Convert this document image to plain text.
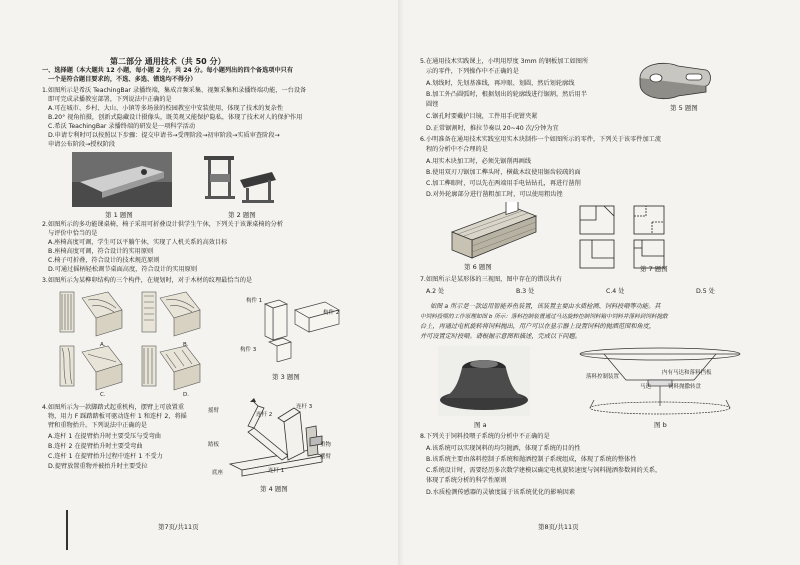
第二部分 通用技术（共 50 分）
一、选择题（本大题共 12 小题，每小题 2 分，共 24 分。每小题列出的四个备选项中只有
一个是符合题目要求的，不选、多选、错选均不得分）
1.如图所示是希沃 TeachingBar 录播终端，集成音频采集、视频采集和录播终端功能，一台设备
即可完成录播教室部署，下列说法中正确的是
A.可在城市、乡村、大山、小镇等多场景的校园教室中安装使用，体现了技术的复杂性
B.20° 视角拍摄，创新式隐藏设计摄像头，既美观又能保护隐私，体现了技术对人的保护作用
C.希沃 TeachingBar 录播终端的研发是一项科学活动
D.申请专利时可以按照以下步骤：提交申请书→受理阶段→初审阶段→实质审查阶段→
申请公布阶段→授权阶段
第 1 题图	第 2 题图
2.如图所示的多功能课桌椅，椅子采用可折叠设计供学生午休，下列关于该课桌椅的分析
与评价中恰当的是
A.座椅高度可调，学生可以平躺午休，实现了人机关系的高效目标
B.座椅高度可调，符合设计的实用原则
C.椅子可折叠，符合设计的技术规范原则
D.可通过摇柄轻松调节桌面高度，符合设计的实用原则
3.如图所示为某榫卯结构的三个构件，在规划时，对于木材的纹理最恰当的是
A.	B.
C.	D.
构件 1
构件 2
构件 3
第 3 题图
4.如图所示为一款脚踏式起重机构，摆臂上可放置重
物，用力 F 踩踏踏板可驱动连杆 1 和连杆 2，将摇
臂和重物抬升。下列说法中正确的是
A.连杆 1 在提臂抬升时主要受压与受弯曲
B.连杆 2 在提臂抬升时主要受弯曲
C.连杆 1 在提臂抬升过程中连杆 1 不受力
D.提臂放置重物并被抬升时主要受拉
摇臂
连杆 2
连杆 3
踏板
底座	连杆 1
重物
摆臂
第 4 题图
第7页/共11页
5.在通用技术实践课上，小明用厚度 3mm 的钢板加工如图所
示的零件，下列操作中不正确的是
A.划线时，先划基准线，再冲眼、划圆，然后划轮廓线
B.加工外凸圆弧时，根据划出的轮廓线进行锯割，然后用半
圆锉
C.锯孔时要戴护目镜，工件用手虎钳夹紧
D.正常锯割时，推拉节奏以 20~40 次/分钟为宜
第 5 题图
6.小明准备在通用技术实践室用实木块制作一个如图所示的零件，下列关于该零件加工流
程的分析中不合理的是
A.用实木块加工时，必须先锯削再画线
B.使用双刃刀锯加工榫头时，横截木纹使用锯齿较疏的面
C.加工榫眼时，可以先在两端用手电钻钻孔，再进行凿削
D.对外轮廓部分进行凿粗加工时，可以使用粗齿锉
第 6 题图	第 7 题图
7.如图所示是某形体的三视图，图中存在的错误共有
A.2 处	B.3 处	C.4 处	D.5 处
如图 a 所示是一款适用智能养鱼装置，该装置主要由水质检测、饲料投喂等功能。其
中饲料投喂的工作原理如图 b 所示：落料控制装置通过马达旋转控制饲料箱中饲料并落料到饲料抛散
台上，再通过电机旋转将饲料抛出，用户可以在显示器上设置饲料的抛洒范围和角度，
并可设置定时投喂。请根据示意图和描述，完成以下问题。
图 a
落料控制装置
内有马达和落料挡板
马达	饲料抛撒转盘
图 b
8.下列关于饲料投喂子系统的分析中不正确的是
A.该系统可以实现饲料的均匀抛洒，体现了系统的目的性
B.该系统主要由落料控制子系统和抛洒控制子系统组成，体现了系统的整体性
C.系统设计时，需要经历多次数学建模以确定电机旋转速度与饲料抛洒参数间的关系，
体现了系统分析的科学性原则
D.水质检测传感器的灵敏度属于该系统优化的影响因素
第8页/共11页
